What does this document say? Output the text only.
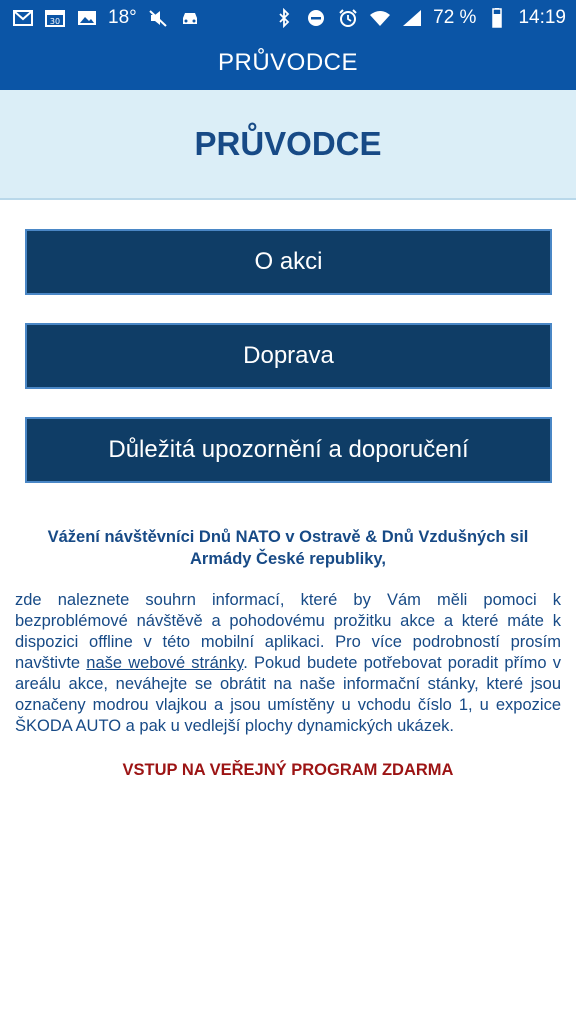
30	18°	72 % 14:19
PRŮVODCE
PRŮVODCE
O akci
Doprava
Důležitá upozornění a doporučení

Vážení návštěvníci Dnů NATO v Ostravě & Dnů Vzdušných sil Armády České republiky,

zde naleznete souhrn informací, které by Vám měli pomoci k bezproblémové návštěvě a pohodovému prožitku akce a které máte k dispozici offline v této mobilní aplikaci. Pro více podrobností prosím navštivte naše webové stránky. Pokud budete potřebovat poradit přímo v areálu akce, neváhejte se obrátit na naše informační stánky, které jsou označeny modrou vlajkou a jsou umístěny u vchodu číslo 1, u expozice ŠKODA AUTO a pak u vedlejší plochy dynamických ukázek.

VSTUP NA VEŘEJNÝ PROGRAM ZDARMA
